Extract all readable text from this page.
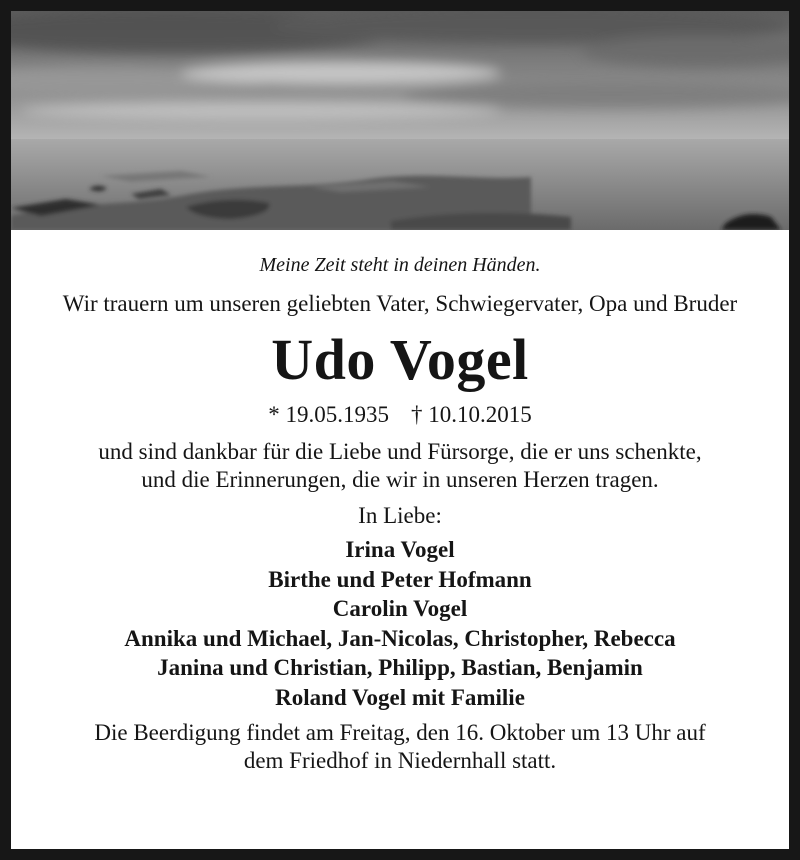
Meine Zeit steht in deinen Händen.
Wir trauern um unseren geliebten Vater, Schwiegervater, Opa und Bruder
Udo Vogel
* 19.05.1935 † 10.10.2015
und sind dankbar für die Liebe und Fürsorge, die er uns schenkte,
und die Erinnerungen, die wir in unseren Herzen tragen.
In Liebe:
Irina Vogel
Birthe und Peter Hofmann
Carolin Vogel
Annika und Michael, Jan-Nicolas, Christopher, Rebecca
Janina und Christian, Philipp, Bastian, Benjamin
Roland Vogel mit Familie
Die Beerdigung findet am Freitag, den 16. Oktober um 13 Uhr auf
dem Friedhof in Niedernhall statt.
